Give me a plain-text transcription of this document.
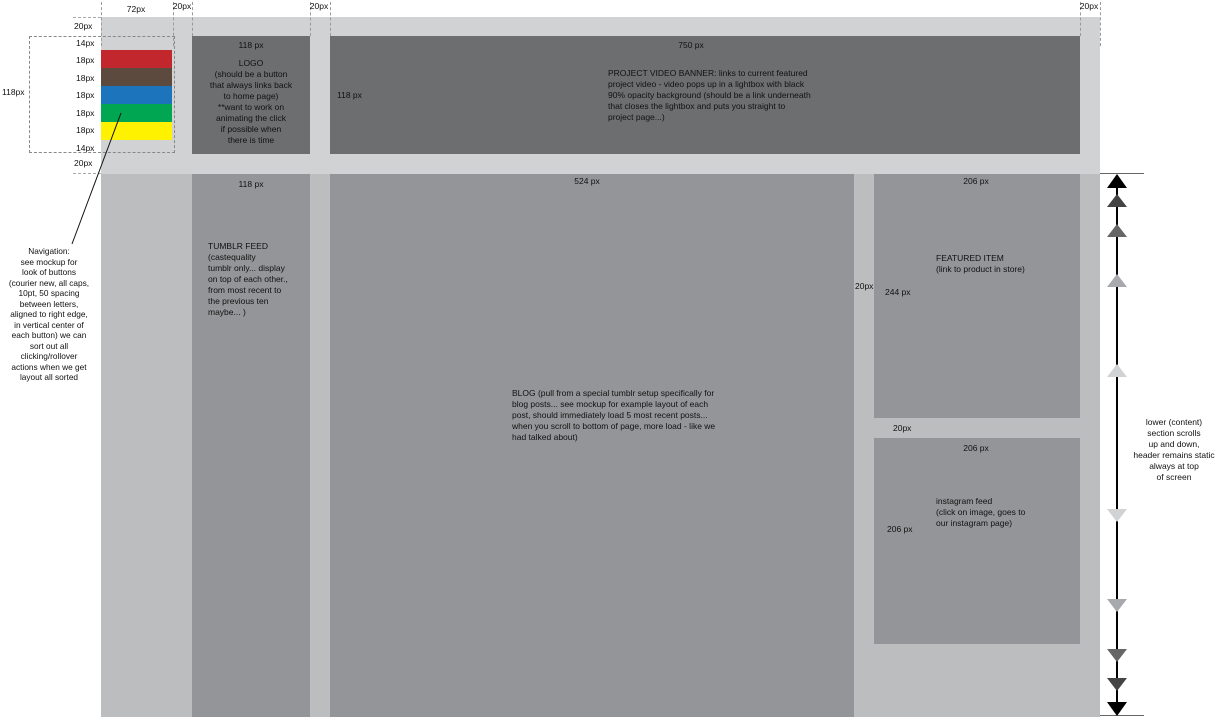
72px	20px	20px	20px
20px
14px
18px
18px
18px
18px
18px
14px
20px
118px
Navigation:
see mockup for
look of buttons
(courier new, all caps,
10pt, 50 spacing
between letters,
aligned to right edge,
in vertical center of
each button) we can
sort out all
clicking/rollover
actions when we get
layout all sorted
118 px
LOGO
(should be a button
that always links back
to home page)
**want to work on
animating the click
if possible when
there is time
750 px
118 px
PROJECT VIDEO BANNER: links to current featured
project video - video pops up in a lightbox with black
90% opacity background (should be a link underneath
that closes the lightbox and puts you straight to
project page...)
118 px
TUMBLR FEED
(castequality
tumblr only... display
on top of each other.,
from most recent to
the previous ten
maybe... )
524 px
BLOG (pull from a special tumblr setup specifically for
blog posts... see mockup for example layout of each
post, should immediately load 5 most recent posts...
when you scroll to bottom of page, more load - like we
had talked about)
20px
206 px
244 px
FEATURED ITEM
(link to product in store)
20px
206 px
206 px
instagram feed
(click on image, goes to
our instagram page)
lower (content)
section scrolls
up and down,
header remains static
always at top
of screen
